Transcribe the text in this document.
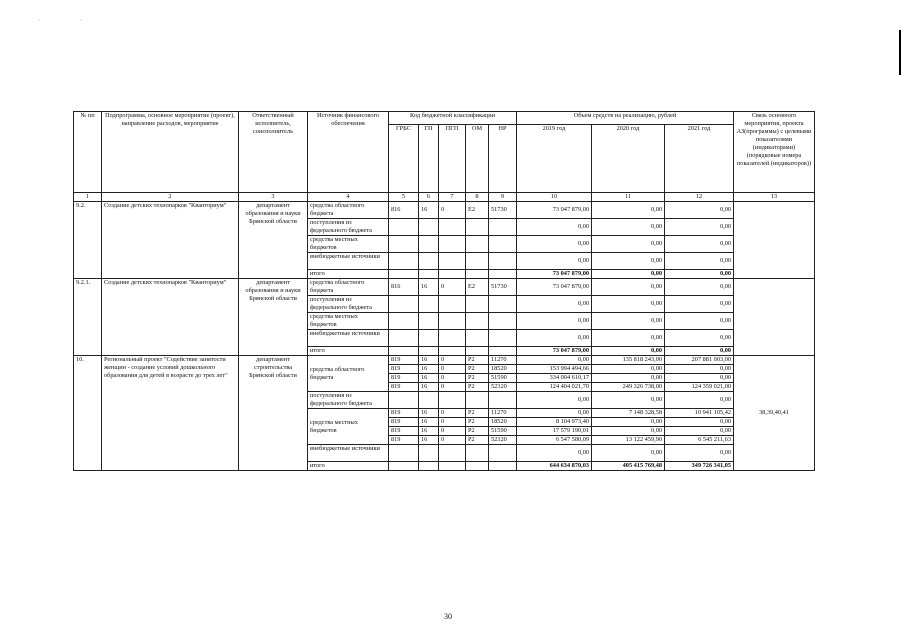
·	·
№ пп	Подпрограмма, основное мероприятие (проект), направление расходов, мероприятие	Ответственный исполнитель, соисполнитель	Источник финансового обеспечения	Код бюджетной классификации					Объем средств на реализацию, рублей			Связь основного мероприятия, проекта АЗ(программы) с целевыми показателями (индикаторами) (порядковые номера показателей (индикаторов))
				ГРБС	ГП	ПГП	ОМ	НР	2019 год	2020 год	2021 год	
1	2	3	4	5	6	7	8	9	10	11	12	13
9.2.	Создание детских технопарков "Кванториум"	департамент образования и науки Брянской области	средства областного бюджета	816	16	0	Е2	51730	73 047 879,00	0,00	0,00	
			поступления из федерального бюджета						0,00	0,00	0,00	
			средства местных бюджетов						0,00	0,00	0,00	
			внебюджетные источники						0,00	0,00	0,00	
			итого						73 047 879,00	0,00	0,00	
9.2.1.	Создание детских технопарков "Кванториум"	департамент образования и науки Брянской области	средства областного бюджета	816	16	0	Е2	51730	73 047 879,00	0,00	0,00	
			поступления из федерального бюджета						0,00	0,00	0,00	
			средства местных бюджетов						0,00	0,00	0,00	
			внебюджетные источники						0,00	0,00	0,00	
			итого						73 047 879,00	0,00	0,00	
10.	Региональный проект "Содействие занятости женщин - создание условий дошкольного образования для детей в возрасте до трех лет"	департамент строительства Брянской области	средства областного бюджета	819	16	0	Р2	11270	0,00	135 818 243,00	207 881 003,00	38,39,40,41
				819	16	0	Р2	18520	153 994 494,66	0,00	0,00	
				819	16	0	Р2	51590	334 004 610,17	0,00	0,00	
				819	16	0	Р2	52320	124 404 021,70	249 326 738,00	124 359 021,00	
			поступления из федерального бюджета						0,00	0,00	0,00	
			средства местных бюджетов	819	16	0	Р2	11270	0,00	7 148 328,58	10 941 105,42	
				819	16	0	Р2	18520	8 104 973,40	0,00	0,00	
				819	16	0	Р2	51590	17 579 190,01	0,00	0,00	
				819	16	0	Р2	52320	6 547 580,09	13 122 459,90	6 545 211,63	
			внебюджетные источники						0,00	0,00	0,00	
			итого						644 634 870,03	405 415 769,48	349 726 341,05	
30
